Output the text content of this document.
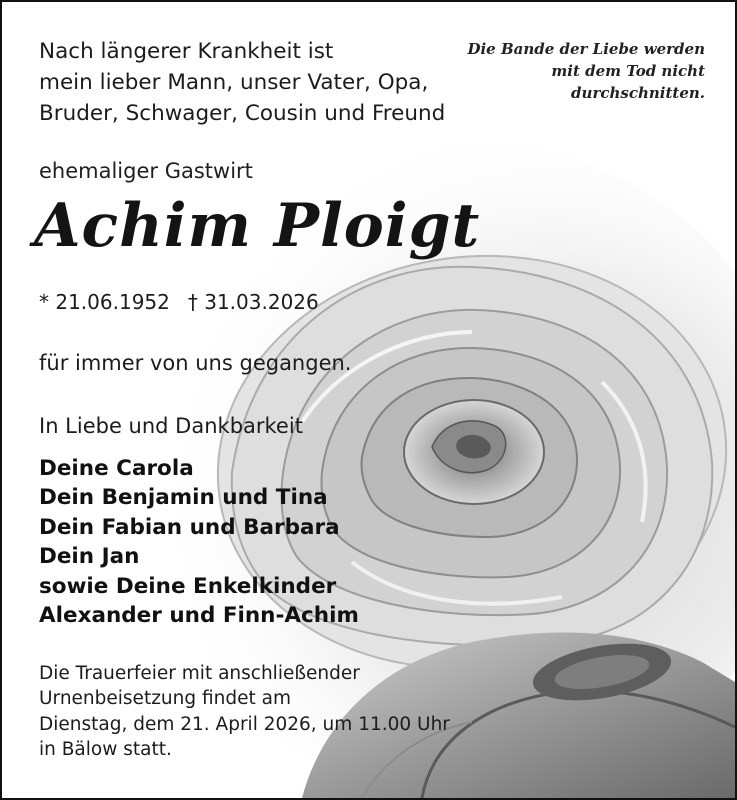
Nach längerer Krankheit ist
mein lieber Mann, unser Vater, Opa,
Bruder, Schwager, Cousin und Freund

Die Bande der Liebe werden
mit dem Tod nicht
durchschnitten.

ehemaliger Gastwirt

Achim Ploigt

* 21.06.1952 † 31.03.2026

für immer von uns gegangen.

In Liebe und Dankbarkeit

Deine Carola
Dein Benjamin und Tina
Dein Fabian und Barbara
Dein Jan
sowie Deine Enkelkinder
Alexander und Finn-Achim

Die Trauerfeier mit anschließender
Urnenbeisetzung findet am
Dienstag, dem 21. April 2026, um 11.00 Uhr
in Bälow statt.
